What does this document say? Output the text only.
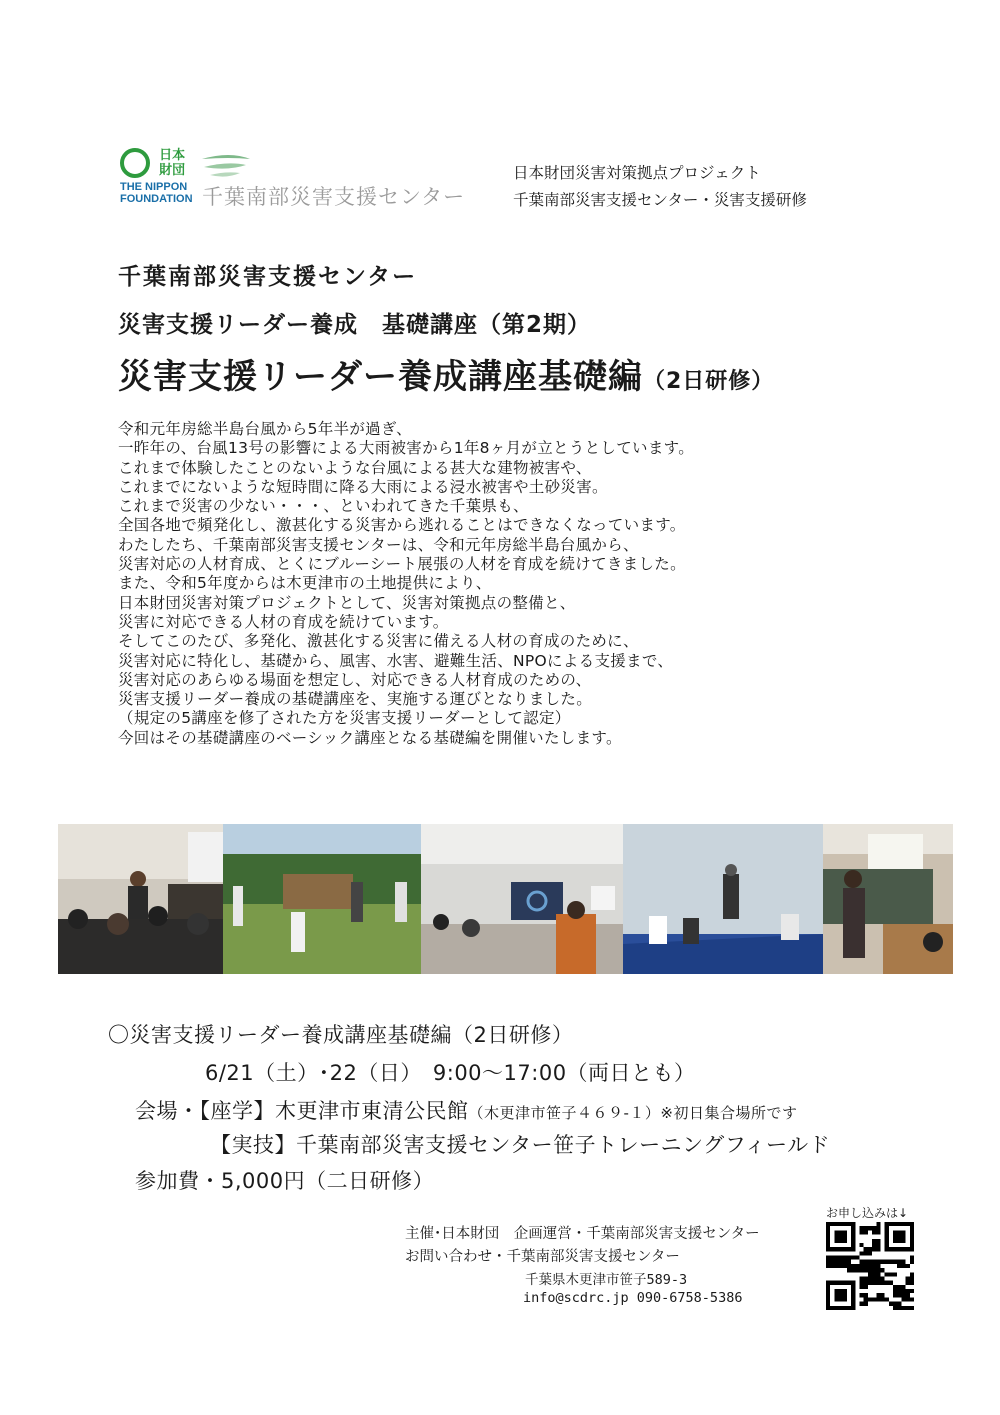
日本財団
THE NIPPON
FOUNDATION 千葉南部災害支援センター
日本財団災害対策拠点プロジェクト
千葉南部災害支援センター・災害支援研修
千葉南部災害支援センター
災害支援リーダー養成　基礎講座（第2期）
災害支援リーダー養成講座基礎編（2日研修）
令和元年房総半島台風から5年半が過ぎ、
一昨年の、台風13号の影響による大雨被害から1年8ヶ月が立とうとしています。
これまで体験したことのないような台風による甚大な建物被害や、
これまでにないような短時間に降る大雨による浸水被害や土砂災害。
これまで災害の少ない・・・、といわれてきた千葉県も、
全国各地で頻発化し、激甚化する災害から逃れることはできなくなっています。
わたしたち、千葉南部災害支援センターは、令和元年房総半島台風から、
災害対応の人材育成、とくにブルーシート展張の人材を育成を続けてきました。
また、令和5年度からは木更津市の土地提供により、
日本財団災害対策プロジェクトとして、災害対策拠点の整備と、
災害に対応できる人材の育成を続けています。
そしてこのたび、多発化、激甚化する災害に備える人材の育成のために、
災害対応に特化し、基礎から、風害、水害、避難生活、NPOによる支援まで、
災害対応のあらゆる場面を想定し、対応できる人材育成のための、
災害支援リーダー養成の基礎講座を、実施する運びとなりました。
（規定の5講座を修了された方を災害支援リーダーとして認定）
今回はその基礎講座のベーシック講座となる基礎編を開催いたします。
〇災害支援リーダー養成講座基礎編（2日研修）
6/21（土）･22（日）　9:00～17:00（両日とも）
会場・【座学】木更津市東清公民館（木更津市笹子４６９-１）※初日集合場所です
【実技】千葉南部災害支援センター笹子トレーニングフィールド
参加費・5,000円（二日研修）
主催･日本財団　企画運営・千葉南部災害支援センター
お問い合わせ・千葉南部災害支援センター
千葉県木更津市笹子589-3
info@scdrc.jp 090-6758-5386
お申し込みは↓
